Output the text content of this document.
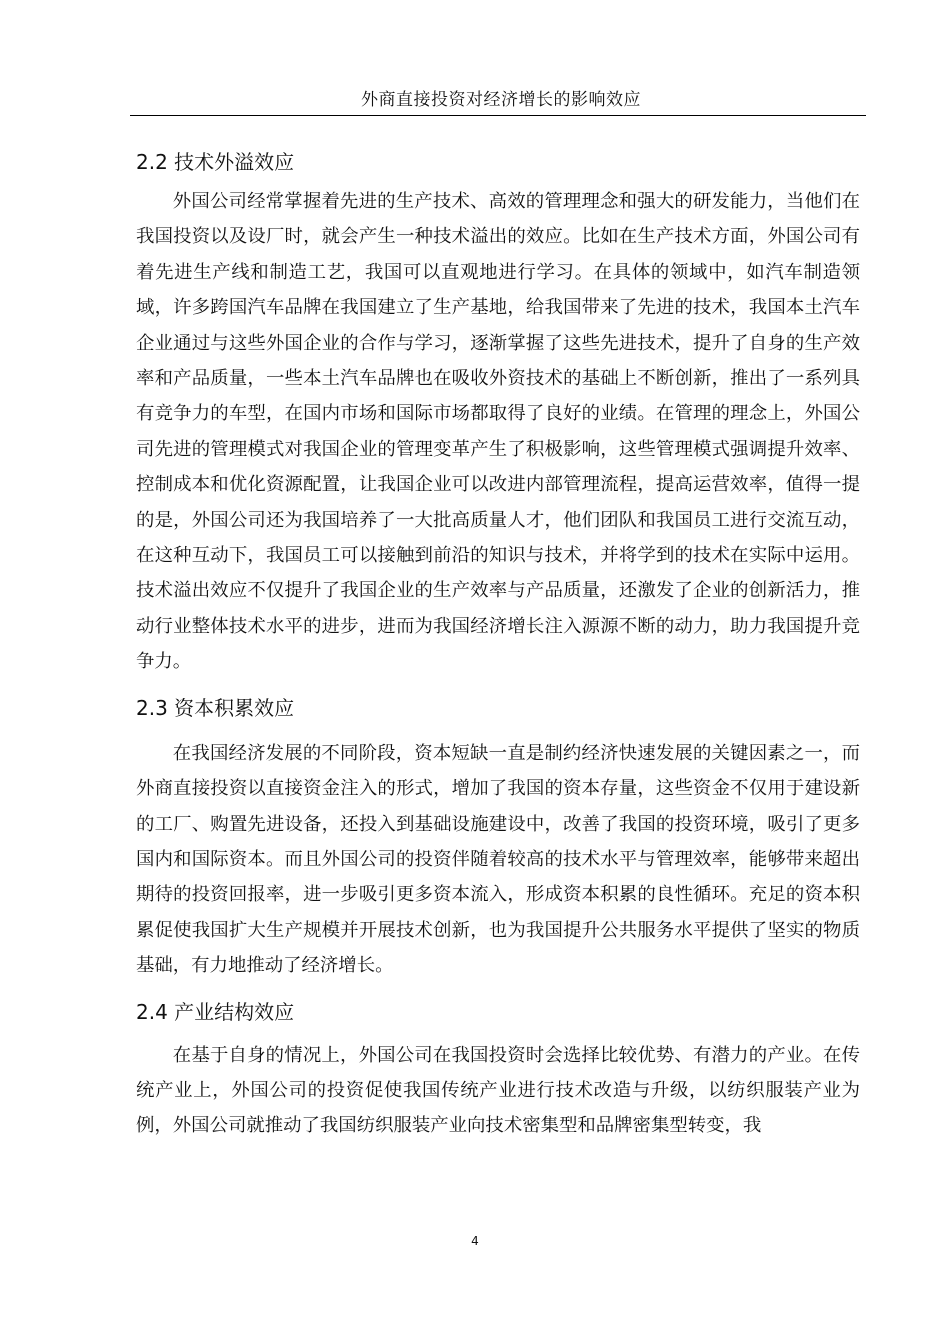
外商直接投资对经济增长的影响效应
2.2 技术外溢效应

外国公司经常掌握着先进的生产技术、高效的管理理念和强大的研发能力，当他们在我国投资以及设厂时，就会产生一种技术溢出的效应。比如在生产技术方面，外国公司有着先进生产线和制造工艺，我国可以直观地进行学习。在具体的领域中，如汽车制造领域，许多跨国汽车品牌在我国建立了生产基地，给我国带来了先进的技术，我国本土汽车企业通过与这些外国企业的合作与学习，逐渐掌握了这些先进技术，提升了自身的生产效率和产品质量，一些本土汽车品牌也在吸收外资技术的基础上不断创新，推出了一系列具有竞争力的车型，在国内市场和国际市场都取得了良好的业绩。在管理的理念上，外国公司先进的管理模式对我国企业的管理变革产生了积极影响，这些管理模式强调提升效率、控制成本和优化资源配置，让我国企业可以改进内部管理流程，提高运营效率，值得一提的是，外国公司还为我国培养了一大批高质量人才，他们团队和我国员工进行交流互动，在这种互动下，我国员工可以接触到前沿的知识与技术，并将学到的技术在实际中运用。技术溢出效应不仅提升了我国企业的生产效率与产品质量，还激发了企业的创新活力，推动行业整体技术水平的进步，进而为我国经济增长注入源源不断的动力，助力我国提升竞争力。

2.3 资本积累效应

在我国经济发展的不同阶段，资本短缺一直是制约经济快速发展的关键因素之一，而外商直接投资以直接资金注入的形式，增加了我国的资本存量，这些资金不仅用于建设新的工厂、购置先进设备，还投入到基础设施建设中，改善了我国的投资环境，吸引了更多国内和国际资本。而且外国公司的投资伴随着较高的技术水平与管理效率，能够带来超出期待的投资回报率，进一步吸引更多资本流入，形成资本积累的良性循环。充足的资本积累促使我国扩大生产规模并开展技术创新，也为我国提升公共服务水平提供了坚实的物质基础，有力地推动了经济增长。

2.4 产业结构效应

在基于自身的情况上，外国公司在我国投资时会选择比较优势、有潜力的产业。在传统产业上，外国公司的投资促使我国传统产业进行技术改造与升级，以纺织服装产业为例，外国公司就推动了我国纺织服装产业向技术密集型和品牌密集型转变，我

4
